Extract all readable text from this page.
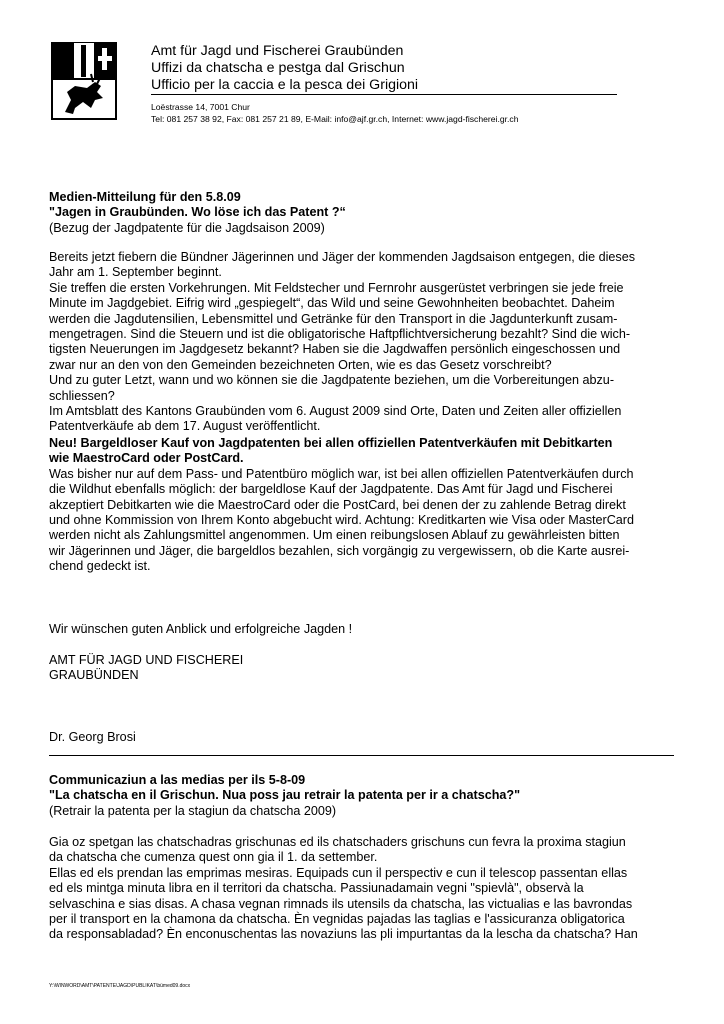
Amt für Jagd und Fischerei Graubünden
Uffizi da chatscha e pestga dal Grischun
Ufficio per la caccia e la pesca dei Grigioni
Loëstrasse 14, 7001 Chur
Tel: 081 257 38 92, Fax: 081 257 21 89, E-Mail: info@ajf.gr.ch, Internet: www.jagd-fischerei.gr.ch
Medien-Mitteilung für den 5.8.09
"Jagen in Graubünden. Wo löse ich das Patent ?“
(Bezug der Jagdpatente für die Jagdsaison 2009)
Bereits jetzt fiebern die Bündner Jägerinnen und Jäger der kommenden Jagdsaison entgegen, die dieses
Jahr am 1. September beginnt.
Sie treffen die ersten Vorkehrungen. Mit Feldstecher und Fernrohr ausgerüstet verbringen sie jede freie
Minute im Jagdgebiet. Eifrig wird „gespiegelt“, das Wild und seine Gewohnheiten beobachtet. Daheim
werden die Jagdutensilien, Lebensmittel und Getränke für den Transport in die Jagdunterkunft zusam-
mengetragen. Sind die Steuern und ist die obligatorische Haftpflichtversicherung bezahlt? Sind die wich-
tigsten Neuerungen im Jagdgesetz bekannt? Haben sie die Jagdwaffen persönlich eingeschossen und
zwar nur an den von den Gemeinden bezeichneten Orten, wie es das Gesetz vorschreibt?
Und zu guter Letzt, wann und wo können sie die Jagdpatente beziehen, um die Vorbereitungen abzu-
schliessen?
Im Amtsblatt des Kantons Graubünden vom 6. August 2009 sind Orte, Daten und Zeiten aller offiziellen
Patentverkäufe ab dem 17. August veröffentlicht.
Neu! Bargeldloser Kauf von Jagdpatenten bei allen offiziellen Patentverkäufen mit Debitkarten
wie MaestroCard oder PostCard.
Was bisher nur auf dem Pass- und Patentbüro möglich war, ist bei allen offiziellen Patentverkäufen durch
die Wildhut ebenfalls möglich: der bargeldlose Kauf der Jagdpatente. Das Amt für Jagd und Fischerei
akzeptiert Debitkarten wie die MaestroCard oder die PostCard, bei denen der zu zahlende Betrag direkt
und ohne Kommission von Ihrem Konto abgebucht wird. Achtung: Kreditkarten wie Visa oder MasterCard
werden nicht als Zahlungsmittel angenommen. Um einen reibungslosen Ablauf zu gewährleisten bitten
wir Jägerinnen und Jäger, die bargeldlos bezahlen, sich vorgängig zu vergewissern, ob die Karte ausrei-
chend gedeckt ist.
Wir wünschen guten Anblick und erfolgreiche Jagden !
AMT FÜR JAGD UND FISCHEREI
GRAUBÜNDEN
Dr. Georg Brosi
Communicaziun a las medias per ils 5-8-09
"La chatscha en il Grischun. Nua poss jau retrair la patenta per ir a chatscha?"
(Retrair la patenta per la stagiun da chatscha 2009)
Gia oz spetgan las chatschadras grischunas ed ils chatschaders grischuns cun fevra la proxima stagiun
da chatscha che cumenza quest onn gia il 1. da settember.
Ellas ed els prendan las emprimas mesiras. Equipads cun il perspectiv e cun il telescop passentan ellas
ed els mintga minuta libra en il territori da chatscha. Passiunadamain vegni "spievlà", observà la
selvaschina e sias disas. A chasa vegnan rimnads ils utensils da chatscha, las victualias e las bavrondas
per il transport en la chamona da chatscha. Èn vegnidas pajadas las taglias e l'assicuranza obligatorica
da responsabladad? Èn enconuschentas las novaziuns las pli impurtantas da la lescha da chatscha? Han
Y:\WINWORD\AMT\PATENTE\JAGD\PUBLIKAT\bümed09.docx
